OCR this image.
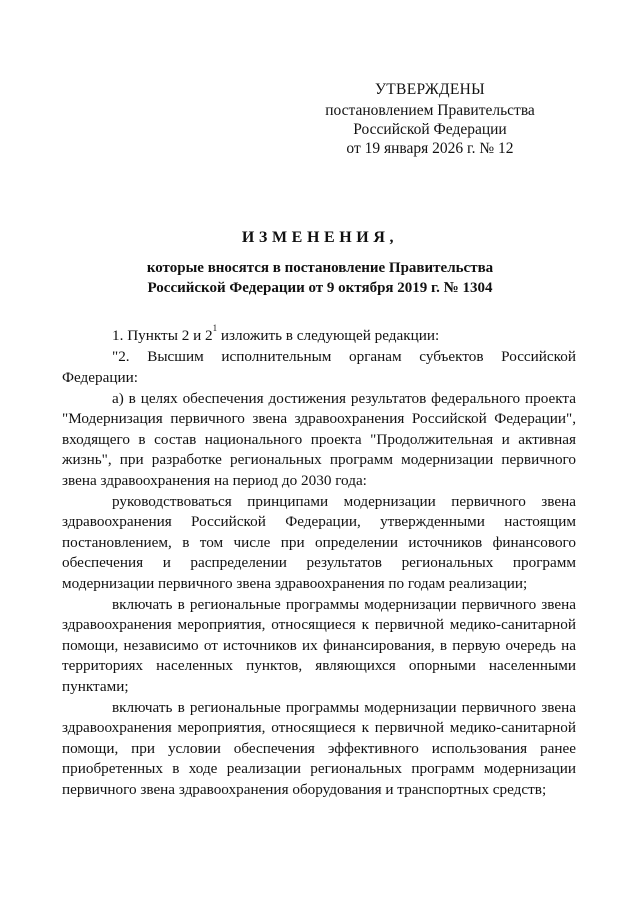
УТВЕРЖДЕНЫ
постановлением Правительства
Российской Федерации
от 19 января 2026 г. № 12
ИЗМЕНЕНИЯ,
которые вносятся в постановление Правительства
Российской Федерации от 9 октября 2019 г. № 1304

1. Пункты 2 и $2^1$ изложить в следующей редакции:

"2. Высшим исполнительным органам субъектов Российской Федерации:

а) в целях обеспечения достижения результатов федерального проекта "Модернизация первичного звена здравоохранения Российской Федерации", входящего в состав национального проекта "Продолжительная и активная жизнь", при разработке региональных программ модернизации первичного звена здравоохранения на период до 2030 года:

руководствоваться принципами модернизации первичного звена здравоохранения Российской Федерации, утвержденными настоящим постановлением, в том числе при определении источников финансового обеспечения и распределении результатов региональных программ модернизации первичного звена здравоохранения по годам реализации;

включать в региональные программы модернизации первичного звена здравоохранения мероприятия, относящиеся к первичной медико-санитарной помощи, независимо от источников их финансирования, в первую очередь на территориях населенных пунктов, являющихся опорными населенными пунктами;

включать в региональные программы модернизации первичного звена здравоохранения мероприятия, относящиеся к первичной медико-санитарной помощи, при условии обеспечения эффективного использования ранее приобретенных в ходе реализации региональных программ модернизации первичного звена здравоохранения оборудования и транспортных средств;
